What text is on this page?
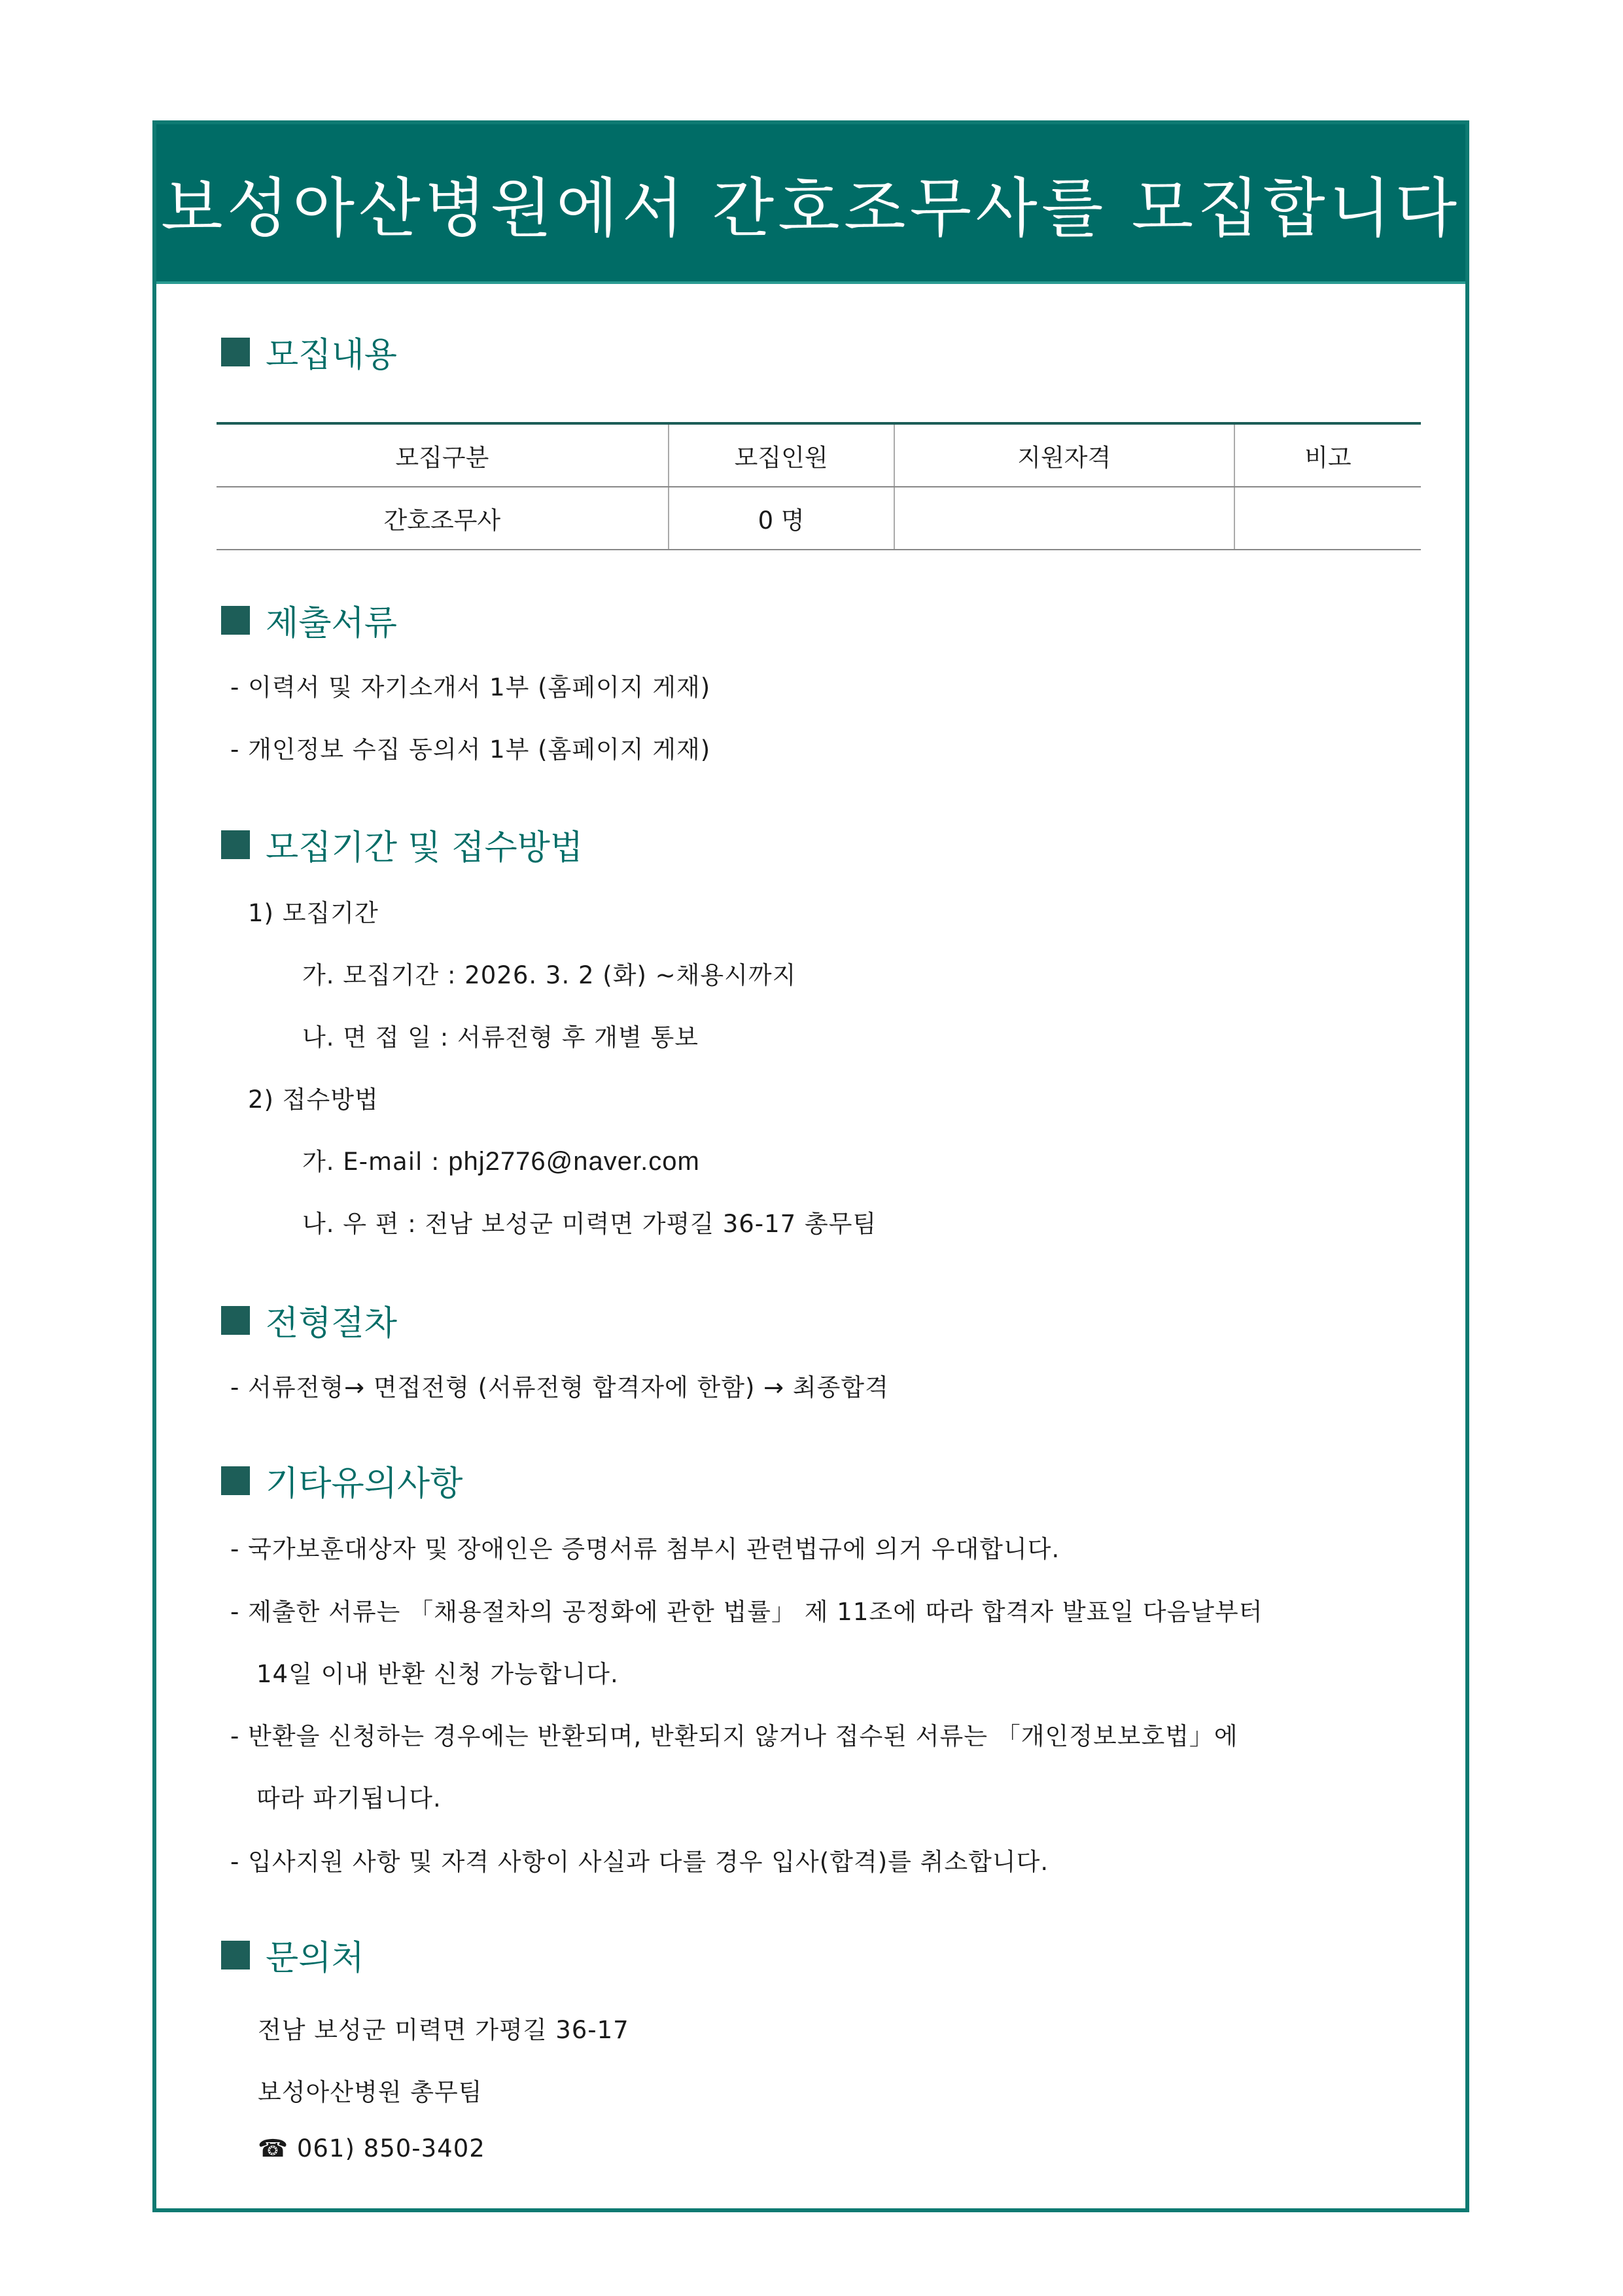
보성아산병원에서 간호조무사를 모집합니다
모집내용
모집구분	모집인원	지원자격	비고
간호조무사	0 명		
제출서류
- 이력서 및 자기소개서 1부 (홈페이지 게재)
- 개인정보 수집 동의서 1부 (홈페이지 게재)
모집기간 및 접수방법
1) 모집기간
가. 모집기간 : 2026. 3. 2 (화) ~채용시까지
나. 면 접 일 : 서류전형 후 개별 통보
2) 접수방법
가. E-mail : phj2776@naver.com
나. 우 편 : 전남 보성군 미력면 가평길 36-17 총무팀
전형절차
- 서류전형→ 면접전형 (서류전형 합격자에 한함) → 최종합격
기타유의사항
- 국가보훈대상자 및 장애인은 증명서류 첨부시 관련법규에 의거 우대합니다.
- 제출한 서류는 「채용절차의 공정화에 관한 법률」 제 11조에 따라 합격자 발표일 다음날부터
14일 이내 반환 신청 가능합니다.
- 반환을 신청하는 경우에는 반환되며, 반환되지 않거나 접수된 서류는 「개인정보보호법」에
따라 파기됩니다.
- 입사지원 사항 및 자격 사항이 사실과 다를 경우 입사(합격)를 취소합니다.
문의처
전남 보성군 미력면 가평길 36-17
보성아산병원 총무팀
☎ 061) 850-3402
